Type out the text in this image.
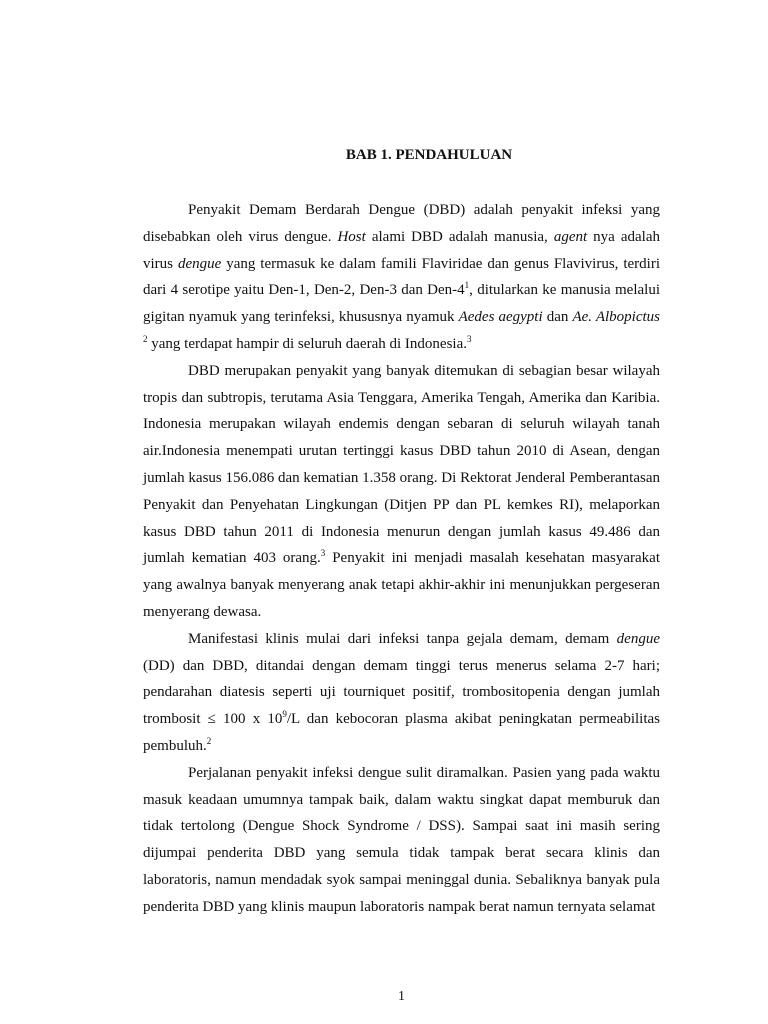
BAB 1. PENDAHULUAN

Penyakit Demam Berdarah Dengue (DBD) adalah penyakit infeksi yang disebabkan oleh virus dengue. Host alami DBD adalah manusia, agent nya adalah virus dengue yang termasuk ke dalam famili Flaviridae dan genus Flavivirus, terdiri dari 4 serotipe yaitu Den-1, Den-2, Den-3 dan Den-$4^1$, ditularkan ke manusia melalui gigitan nyamuk yang terinfeksi, khususnya nyamuk Aedes aegypti dan Ae. Albopictus $^2$ yang terdapat hampir di seluruh daerah di Indonesia.$^3$

DBD merupakan penyakit yang banyak ditemukan di sebagian besar wilayah tropis dan subtropis, terutama Asia Tenggara, Amerika Tengah, Amerika dan Karibia. Indonesia merupakan wilayah endemis dengan sebaran di seluruh wilayah tanah air.Indonesia menempati urutan tertinggi kasus DBD tahun 2010 di Asean, dengan jumlah kasus 156.086 dan kematian 1.358 orang. Di Rektorat Jenderal Pemberantasan Penyakit dan Penyehatan Lingkungan (Ditjen PP dan PL kemkes RI), melaporkan kasus DBD tahun 2011 di Indonesia menurun dengan jumlah kasus 49.486 dan jumlah kematian 403 orang.$^3$ Penyakit ini menjadi masalah kesehatan masyarakat yang awalnya banyak menyerang anak tetapi akhir-akhir ini menunjukkan pergeseran menyerang dewasa.

Manifestasi klinis mulai dari infeksi tanpa gejala demam, demam dengue (DD) dan DBD, ditandai dengan demam tinggi terus menerus selama 2-7 hari; pendarahan diatesis seperti uji tourniquet positif, trombositopenia dengan jumlah trombosit ≤ 100 x $10^9/L$ dan kebocoran plasma akibat peningkatan permeabilitas pembuluh.$^2$

Perjalanan penyakit infeksi dengue sulit diramalkan. Pasien yang pada waktu masuk keadaan umumnya tampak baik, dalam waktu singkat dapat memburuk dan tidak tertolong (Dengue Shock Syndrome / DSS). Sampai saat ini masih sering dijumpai penderita DBD yang semula tidak tampak berat secara klinis dan laboratoris, namun mendadak syok sampai meninggal dunia. Sebaliknya banyak pula penderita DBD yang klinis maupun laboratoris nampak berat namun ternyata selamat

1
